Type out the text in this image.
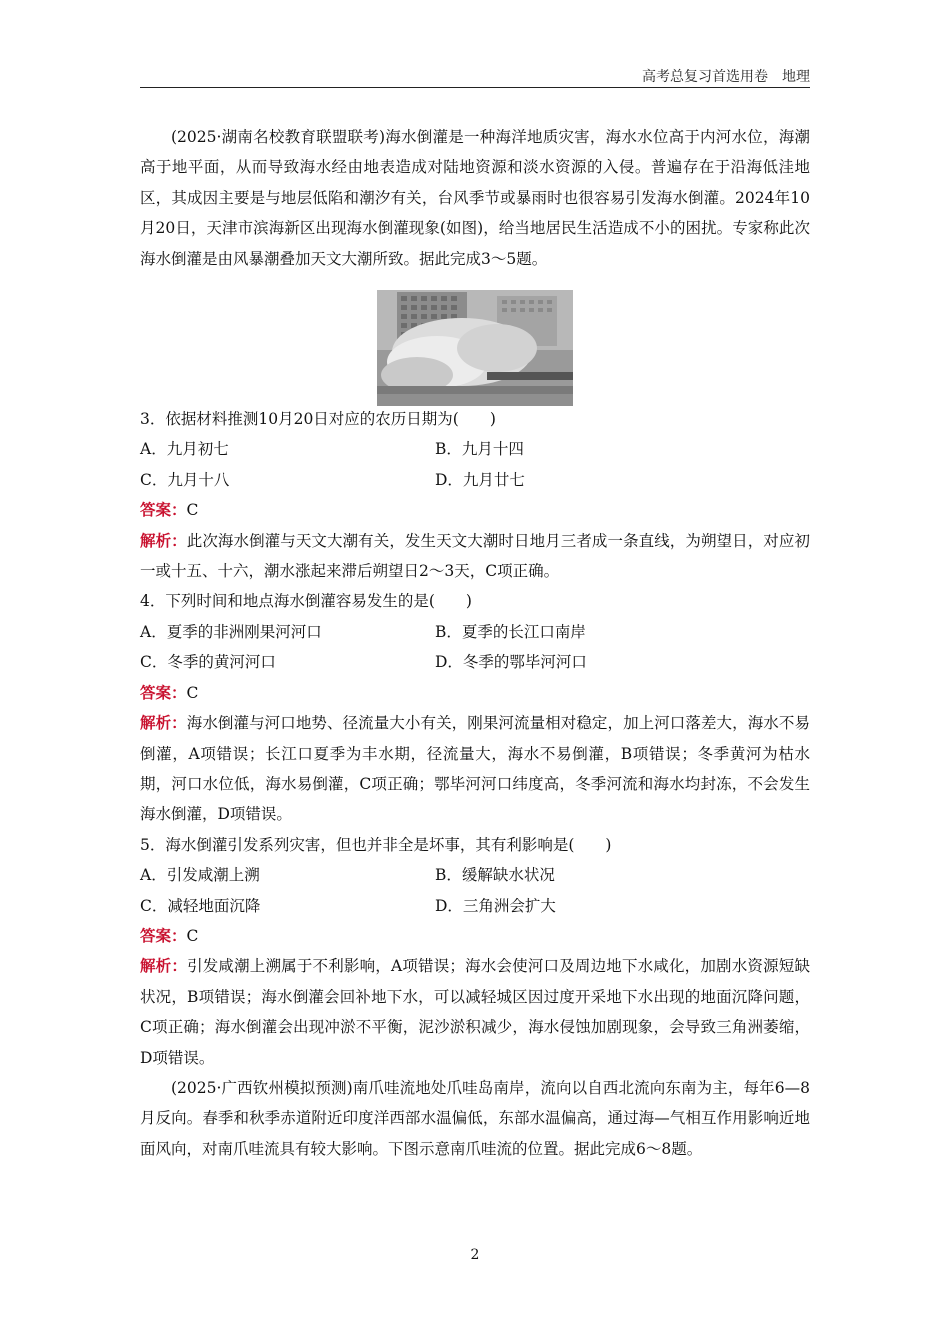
高考总复习首选用卷　地理

(2025·湖南名校教育联盟联考)海水倒灌是一种海洋地质灾害，海水水位高于内河水位，海潮高于地平面，从而导致海水经由地表造成对陆地资源和淡水资源的入侵。普遍存在于沿海低洼地区，其成因主要是与地层低陷和潮汐有关，台风季节或暴雨时也很容易引发海水倒灌。2024年10月20日，天津市滨海新区出现海水倒灌现象(如图)，给当地居民生活造成不小的困扰。专家称此次海水倒灌是由风暴潮叠加天文大潮所致。据此完成3～5题。

3．依据材料推测10月20日对应的农历日期为(　　)

A．九月初七	B．九月十四
C．九月十八	D．九月廿七

答案：C

解析：此次海水倒灌与天文大潮有关，发生天文大潮时日地月三者成一条直线，为朔望日，对应初一或十五、十六，潮水涨起来滞后朔望日2～3天，C项正确。

4．下列时间和地点海水倒灌容易发生的是(　　)

A．夏季的非洲刚果河河口	B．夏季的长江口南岸
C．冬季的黄河河口	D．冬季的鄂毕河河口

答案：C

解析：海水倒灌与河口地势、径流量大小有关，刚果河流量相对稳定，加上河口落差大，海水不易倒灌，A项错误；长江口夏季为丰水期，径流量大，海水不易倒灌，B项错误；冬季黄河为枯水期，河口水位低，海水易倒灌，C项正确；鄂毕河河口纬度高，冬季河流和海水均封冻，不会发生海水倒灌，D项错误。

5．海水倒灌引发系列灾害，但也并非全是坏事，其有利影响是(　　)

A．引发咸潮上溯	B．缓解缺水状况
C．减轻地面沉降	D．三角洲会扩大

答案：C

解析：引发咸潮上溯属于不利影响，A项错误；海水会使河口及周边地下水咸化，加剧水资源短缺状况，B项错误；海水倒灌会回补地下水，可以减轻城区因过度开采地下水出现的地面沉降问题，C项正确；海水倒灌会出现冲淤不平衡，泥沙淤积减少，海水侵蚀加剧现象，会导致三角洲萎缩，D项错误。

(2025·广西钦州模拟预测)南爪哇流地处爪哇岛南岸，流向以自西北流向东南为主，每年6—8月反向。春季和秋季赤道附近印度洋西部水温偏低，东部水温偏高，通过海—气相互作用影响近地面风向，对南爪哇流具有较大影响。下图示意南爪哇流的位置。据此完成6～8题。

2
